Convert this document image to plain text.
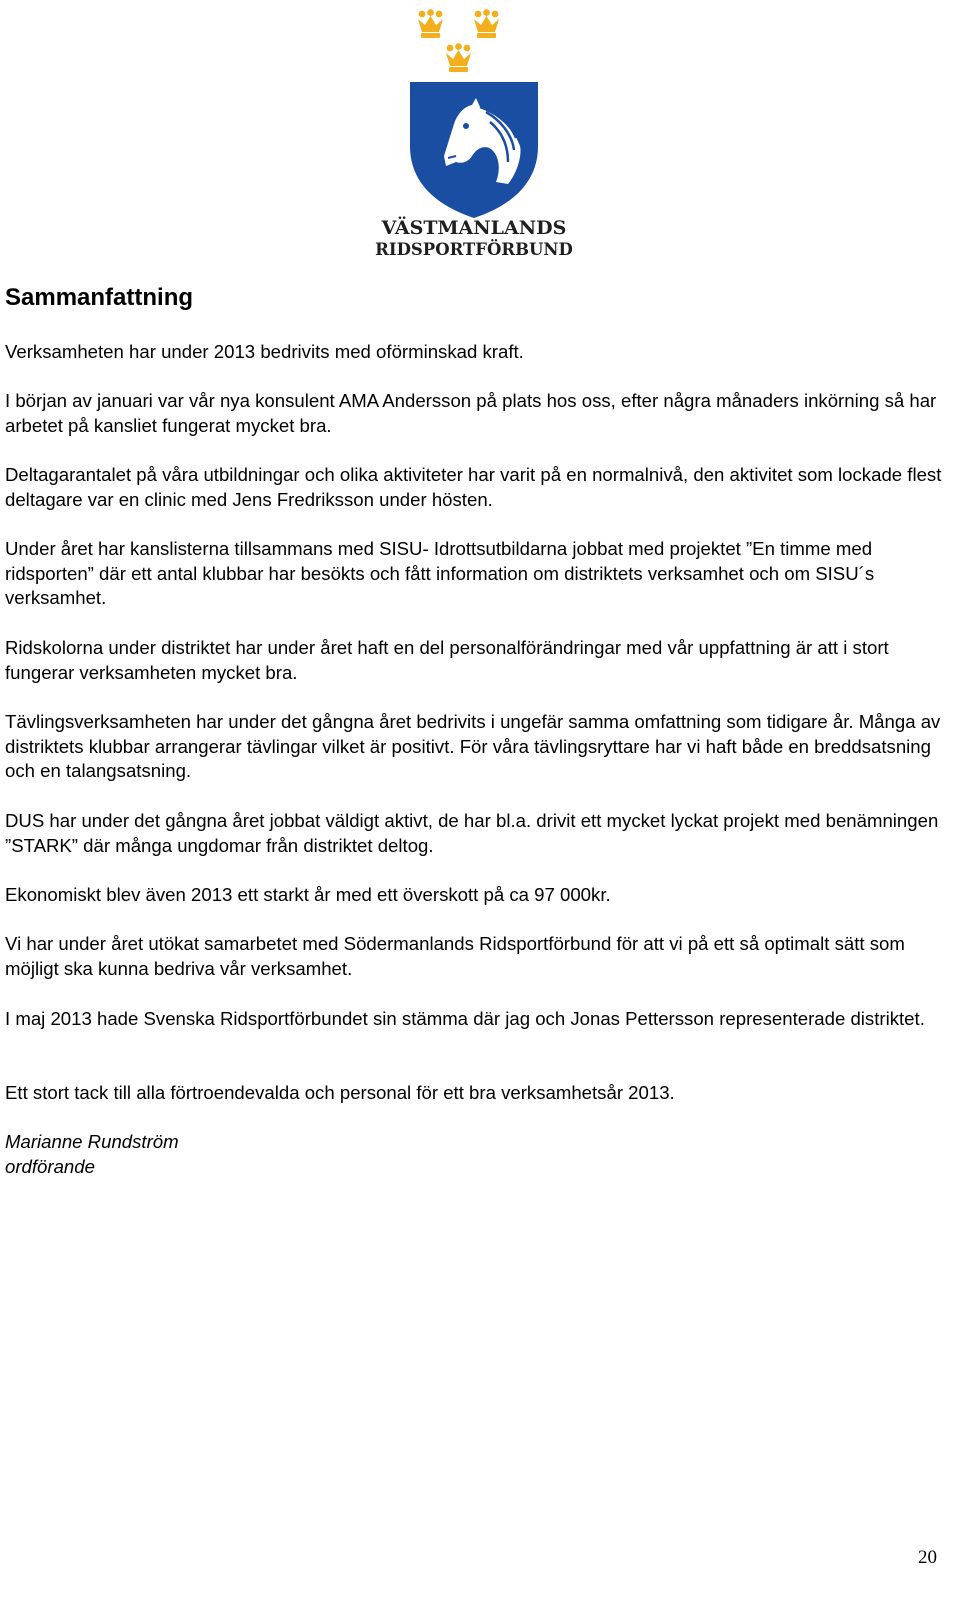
VÄSTMANLANDS
RIDSPORTFÖRBUND
Sammanfattning

Verksamheten har under 2013 bedrivits med oförminskad kraft.

I början av januari var vår nya konsulent AMA Andersson på plats hos oss, efter några månaders inkörning så har arbetet på kansliet fungerat mycket bra.

Deltagarantalet på våra utbildningar och olika aktiviteter har varit på en normalnivå, den aktivitet som lockade flest deltagare var en clinic med Jens Fredriksson under hösten.

Under året har kanslisterna tillsammans med SISU- Idrottsutbildarna jobbat med projektet ”En timme med ridsporten” där ett antal klubbar har besökts och fått information om distriktets verksamhet och om SISU´s verksamhet.

Ridskolorna under distriktet har under året haft en del personalförändringar med vår uppfattning är att i stort fungerar verksamheten mycket bra.

Tävlingsverksamheten har under det gångna året bedrivits i ungefär samma omfattning som tidigare år. Många av distriktets klubbar arrangerar tävlingar vilket är positivt. För våra tävlingsryttare har vi haft både en breddsatsning och en talangsatsning.

DUS har under det gångna året jobbat väldigt aktivt, de har bl.a. drivit ett mycket lyckat projekt med benämningen ”STARK” där många ungdomar från distriktet deltog.

Ekonomiskt blev även 2013 ett starkt år med ett överskott på ca 97 000kr.

Vi har under året utökat samarbetet med Södermanlands Ridsportförbund för att vi på ett så optimalt sätt som möjligt ska kunna bedriva vår verksamhet.

I maj 2013 hade Svenska Ridsportförbundet sin stämma där jag och Jonas Pettersson representerade distriktet.

Ett stort tack till alla förtroendevalda och personal för ett bra verksamhetsår 2013.

Marianne Rundström

ordförande

20
